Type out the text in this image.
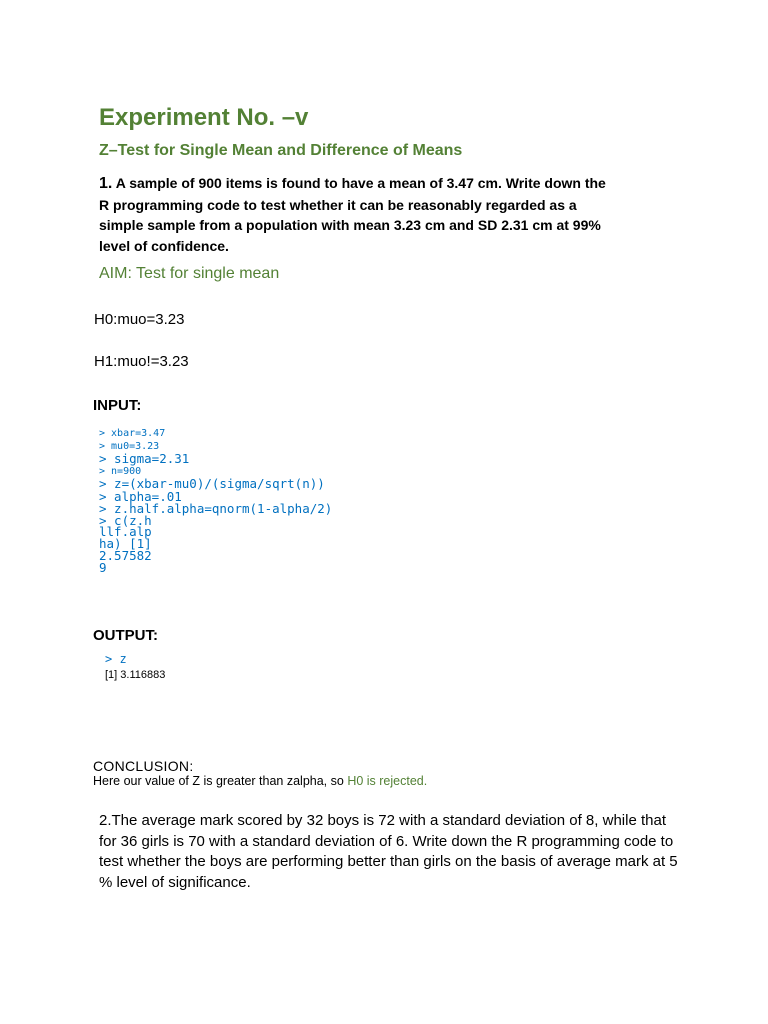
Experiment No. –v
Z–Test for Single Mean and Difference of Means
1. A sample of 900 items is found to have a mean of 3.47 cm. Write down the R programming code to test whether it can be reasonably regarded as a simple sample from a population with mean 3.23 cm and SD 2.31 cm at 99% level of confidence.
AIM: Test for single mean
H0:muo=3.23
H1:muo!=3.23
INPUT:
> xbar=3.47
> mu0=3.23
> sigma=2.31
> n=900
> z=(xbar-mu0)/(sigma/sqrt(n))
> alpha=.01
> z.half.alpha=qnorm(1-alpha/2)
> c(z.h
llf.alp
ha) [1]
2.57582
9
OUTPUT:
> z
[1] 3.116883
CONCLUSION:
Here our value of Z is greater than zalpha, so H0 is rejected.
2.The average mark scored by 32 boys is 72 with a standard deviation of 8, while that for 36 girls is 70 with a standard deviation of 6. Write down the R programming code to test whether the boys are performing better than girls on the basis of average mark at 5 % level of significance.
